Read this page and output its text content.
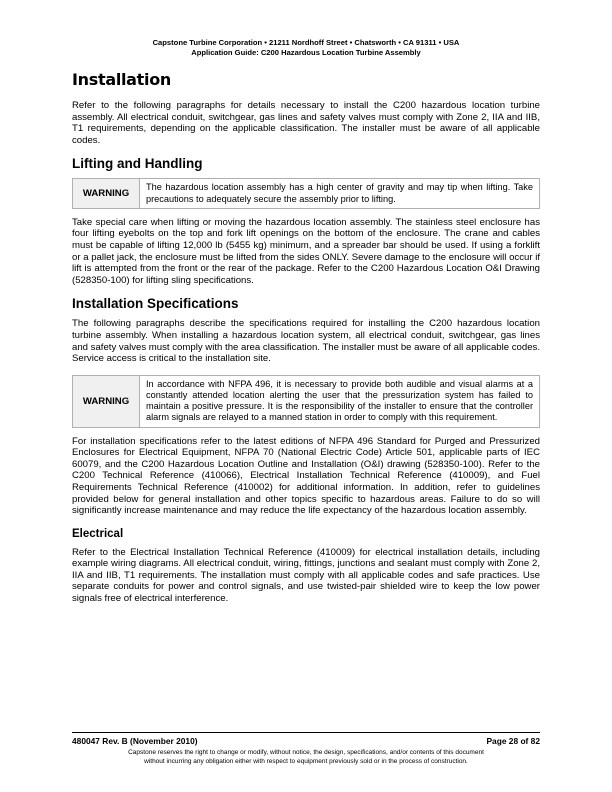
Capstone Turbine Corporation • 21211 Nordhoff Street • Chatsworth • CA 91311 • USA
Application Guide: C200 Hazardous Location Turbine Assembly
Installation

Refer to the following paragraphs for details necessary to install the C200 hazardous location turbine assembly. All electrical conduit, switchgear, gas lines and safety valves must comply with Zone 2, IIA and IIB, T1 requirements, depending on the applicable classification. The installer must be aware of all applicable codes.

Lifting and Handling
WARNING	The hazardous location assembly has a high center of gravity and may tip when lifting. Take precautions to adequately secure the assembly prior to lifting.

Take special care when lifting or moving the hazardous location assembly. The stainless steel enclosure has four lifting eyebolts on the top and fork lift openings on the bottom of the enclosure. The crane and cables must be capable of lifting 12,000 lb (5455 kg) minimum, and a spreader bar should be used. If using a forklift or a pallet jack, the enclosure must be lifted from the sides ONLY. Severe damage to the enclosure will occur if lift is attempted from the front or the rear of the package. Refer to the C200 Hazardous Location O&I Drawing (528350-100) for lifting sling specifications.

Installation Specifications

The following paragraphs describe the specifications required for installing the C200 hazardous location turbine assembly. When installing a hazardous location system, all electrical conduit, switchgear, gas lines and safety valves must comply with the area classification. The installer must be aware of all applicable codes. Service access is critical to the installation site.

WARNING	In accordance with NFPA 496, it is necessary to provide both audible and visual alarms at a constantly attended location alerting the user that the pressurization system has failed to maintain a positive pressure. It is the responsibility of the installer to ensure that the controller alarm signals are relayed to a manned station in order to comply with this requirement.

For installation specifications refer to the latest editions of NFPA 496 Standard for Purged and Pressurized Enclosures for Electrical Equipment, NFPA 70 (National Electric Code) Article 501, applicable parts of IEC 60079, and the C200 Hazardous Location Outline and Installation (O&I) drawing (528350-100). Refer to the C200 Technical Reference (410066), Electrical Installation Technical Reference (410009), and Fuel Requirements Technical Reference (410002) for additional information. In addition, refer to guidelines provided below for general installation and other topics specific to hazardous areas. Failure to do so will significantly increase maintenance and may reduce the life expectancy of the hazardous location assembly.

Electrical

Refer to the Electrical Installation Technical Reference (410009) for electrical installation details, including example wiring diagrams. All electrical conduit, wiring, fittings, junctions and sealant must comply with Zone 2, IIA and IIB, T1 requirements. The installation must comply with all applicable codes and safe practices. Use separate conduits for power and control signals, and use twisted-pair shielded wire to keep the low power signals free of electrical interference.

480047 Rev. B (November 2010)	Page 28 of 82
Capstone reserves the right to change or modify, without notice, the design, specifications, and/or contents of this document
without incurring any obligation either with respect to equipment previously sold or in the process of construction.
